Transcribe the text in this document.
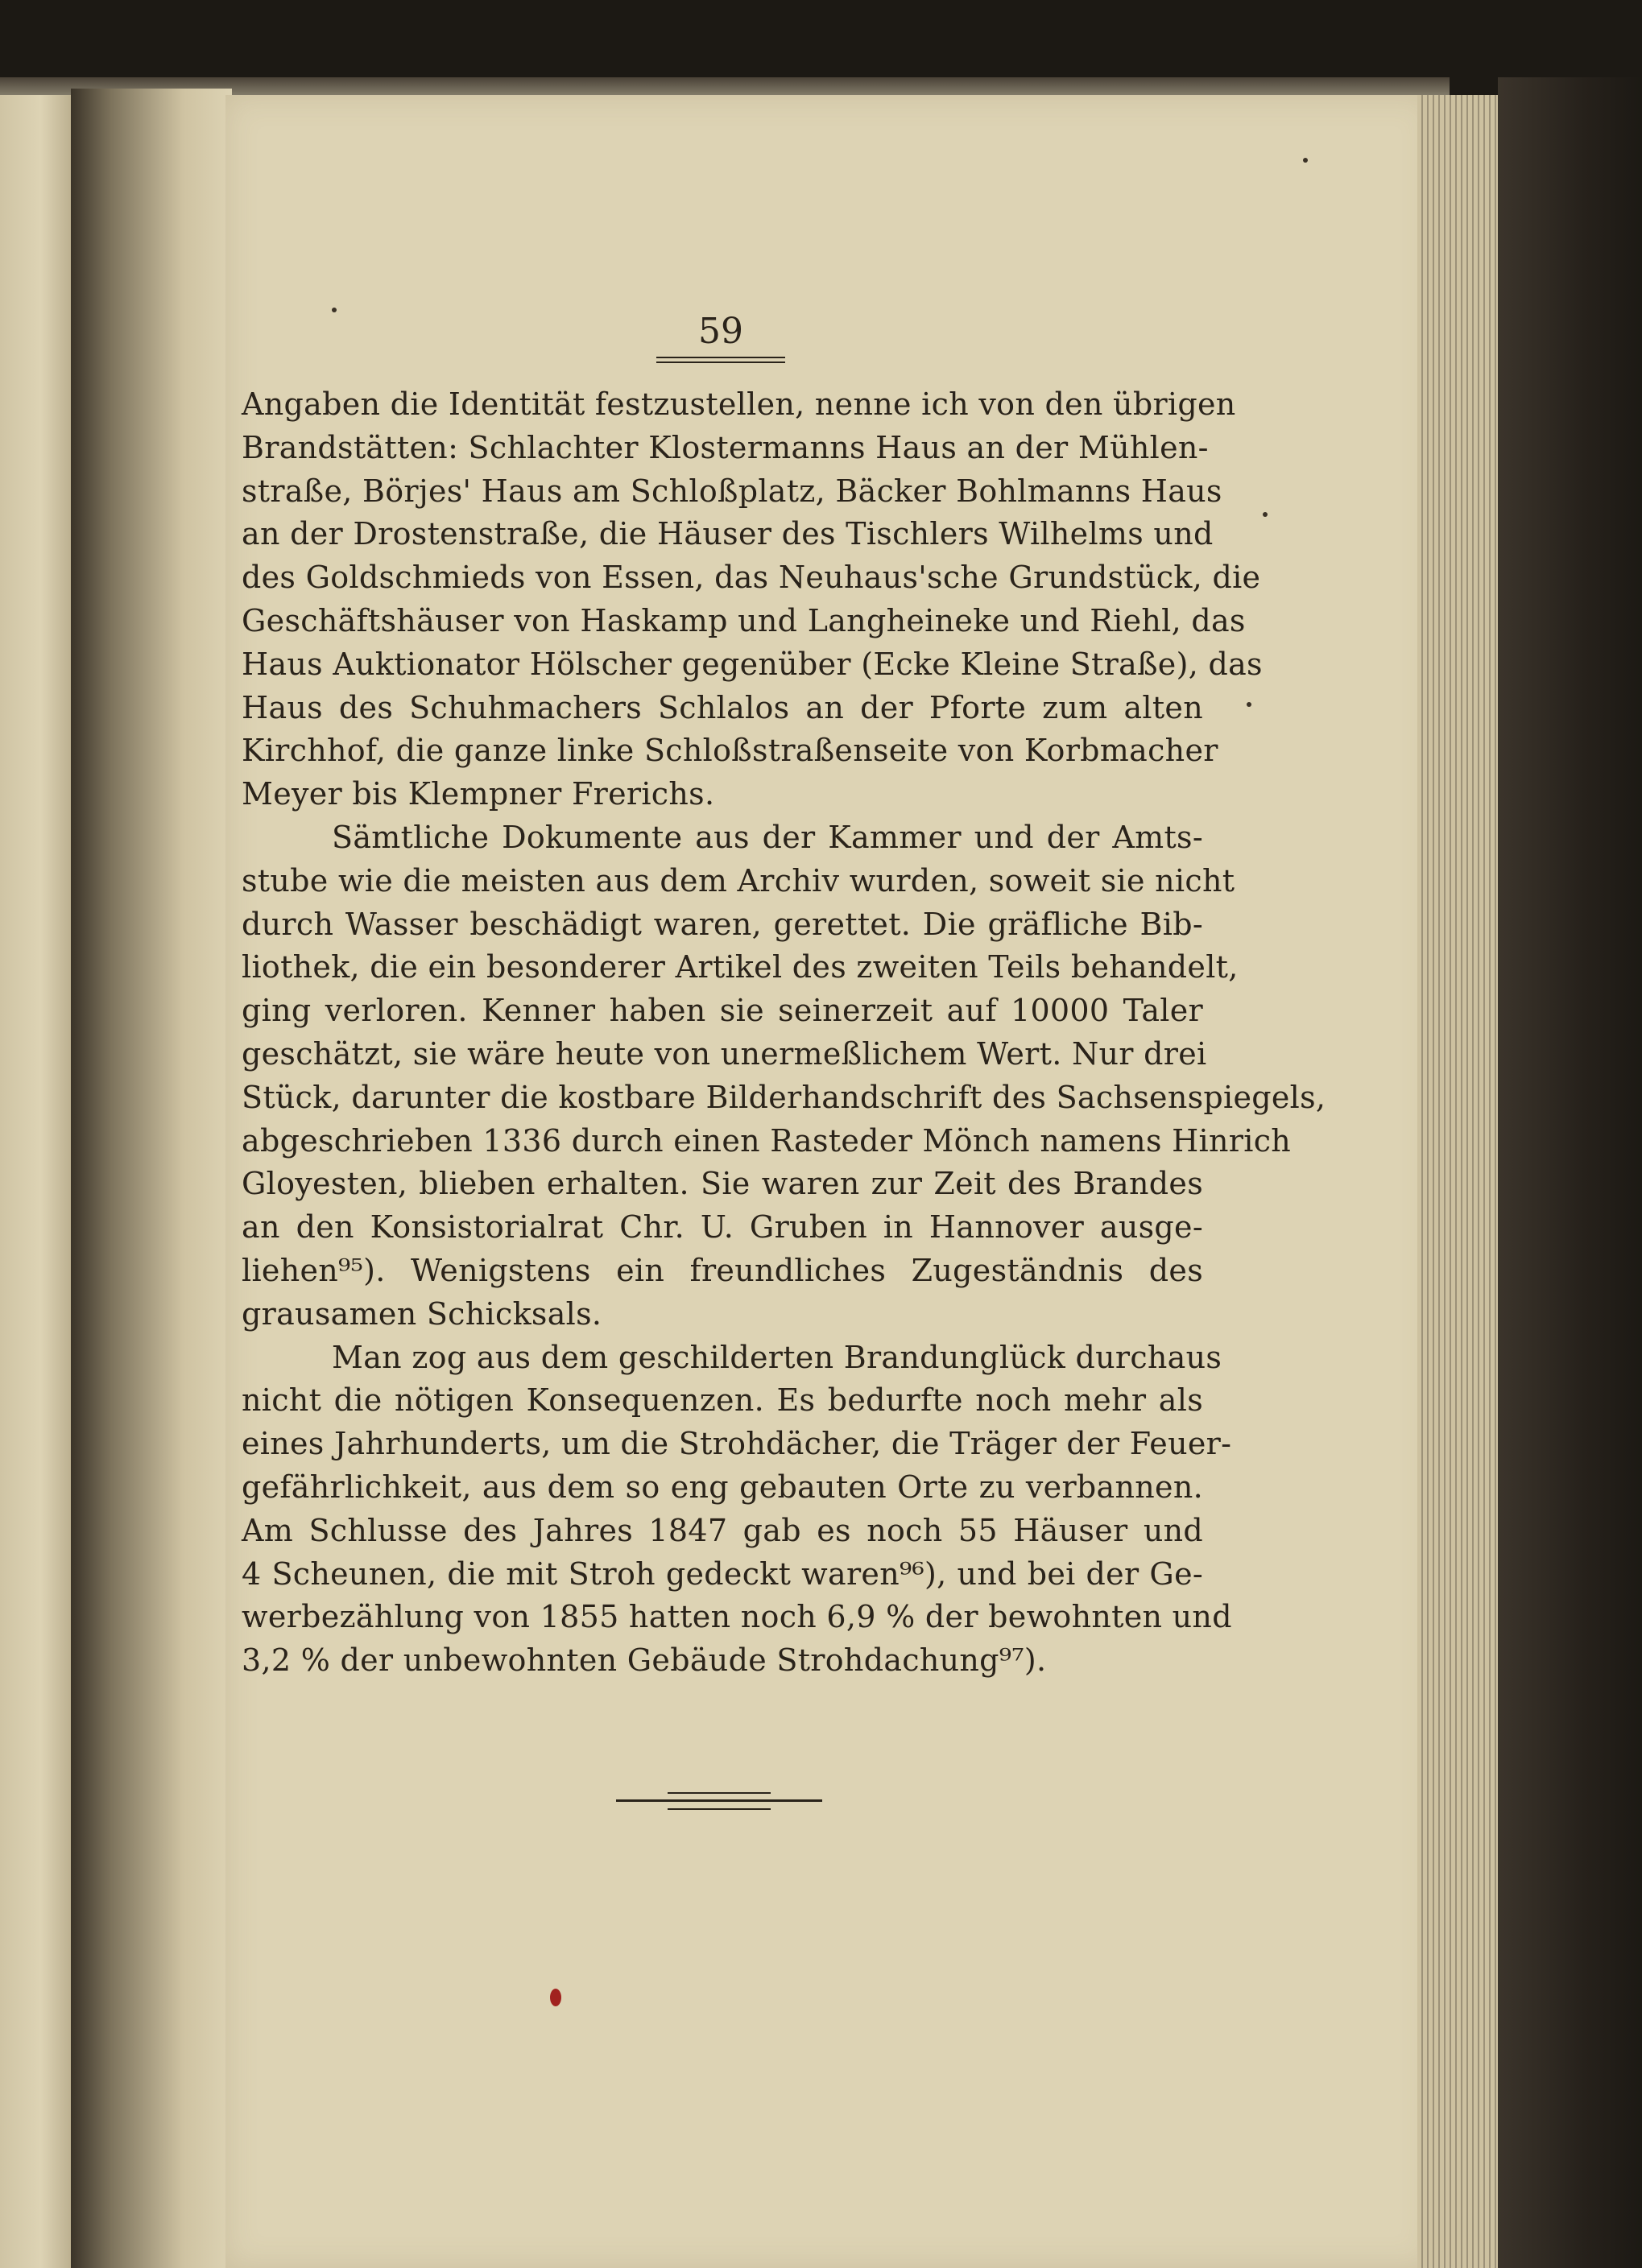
59
Angaben die Identität festzustellen, nenne ich von den übrigen
Brandstätten: Schlachter Klostermanns Haus an der Mühlen-
straße, Börjes' Haus am Schloßplatz, Bäcker Bohlmanns Haus
an der Drostenstraße, die Häuser des Tischlers Wilhelms und
des Goldschmieds von Essen, das Neuhaus'sche Grundstück, die
Geschäftshäuser von Haskamp und Langheineke und Riehl, das
Haus Auktionator Hölscher gegenüber (Ecke Kleine Straße), das
Haus des Schuhmachers Schlalos an der Pforte zum alten
Kirchhof, die ganze linke Schloßstraßenseite von Korbmacher
Meyer bis Klempner Frerichs.
Sämtliche Dokumente aus der Kammer und der Amts-
stube wie die meisten aus dem Archiv wurden, soweit sie nicht
durch Wasser beschädigt waren, gerettet. Die gräfliche Bib-
liothek, die ein besonderer Artikel des zweiten Teils behandelt,
ging verloren. Kenner haben sie seinerzeit auf 10000 Taler
geschätzt, sie wäre heute von unermeßlichem Wert. Nur drei
Stück, darunter die kostbare Bilderhandschrift des Sachsenspiegels,
abgeschrieben 1336 durch einen Rasteder Mönch namens Hinrich
Gloyesten, blieben erhalten. Sie waren zur Zeit des Brandes
an den Konsistorialrat Chr. U. Gruben in Hannover ausge-
liehen⁹⁵). Wenigstens ein freundliches Zugeständnis des
grausamen Schicksals.
Man zog aus dem geschilderten Brandunglück durchaus
nicht die nötigen Konsequenzen. Es bedurfte noch mehr als
eines Jahrhunderts, um die Strohdächer, die Träger der Feuer-
gefährlichkeit, aus dem so eng gebauten Orte zu verbannen.
Am Schlusse des Jahres 1847 gab es noch 55 Häuser und
4 Scheunen, die mit Stroh gedeckt waren⁹⁶), und bei der Ge-
werbezählung von 1855 hatten noch 6,9 % der bewohnten und
3,2 % der unbewohnten Gebäude Strohdachung⁹⁷).
